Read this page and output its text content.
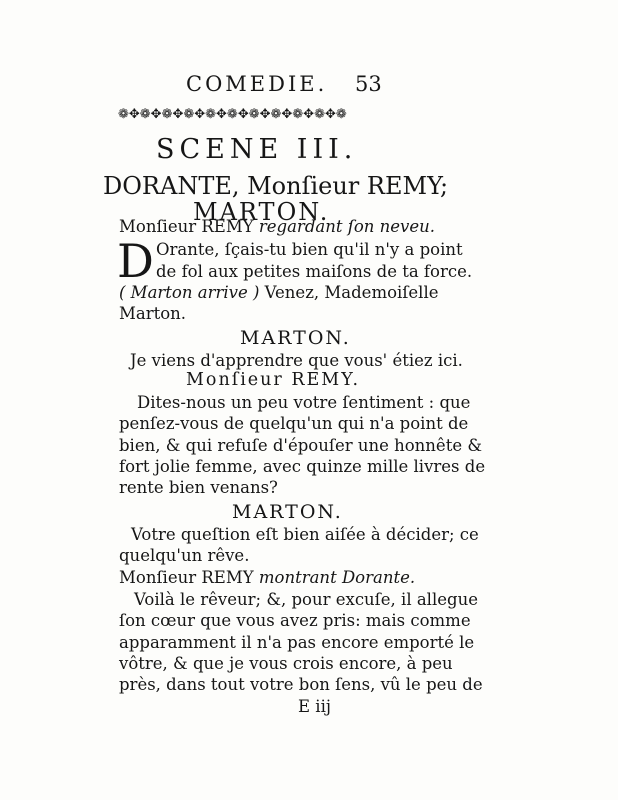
COMEDIE. 53
❁✥❁✥❁✥❁✥❁✥❁✥❁✥❁✥❁✥❁✥❁
SCENE III.
DORANTE, Monſieur REMY;
MARTON.
Monſieur REMY regardant ſon neveu.
D Orante, ſçais-tu bien qu'il n'y a point
de fol aux petites maiſons de ta force.
( Marton arrive ) Venez, Mademoiſelle
Marton.
MARTON.
Je viens d'apprendre que vous' étiez ici.
Monſieur REMY.
Dites-nous un peu votre ſentiment : que
penſez-vous de quelqu'un qui n'a point de
bien, & qui refuſe d'épouſer une honnête &
fort jolie femme, avec quinze mille livres de
rente bien venans?
MARTON.
Votre queſtion eſt bien aiſée à décider; ce
quelqu'un rêve.
Monſieur REMY montrant Dorante.
Voilà le rêveur; &, pour excuſe, il allegue
ſon cœur que vous avez pris: mais comme
apparamment il n'a pas encore emporté le
vôtre, & que je vous crois encore, à peu
près, dans tout votre bon ſens, vû le peu de
E iij
